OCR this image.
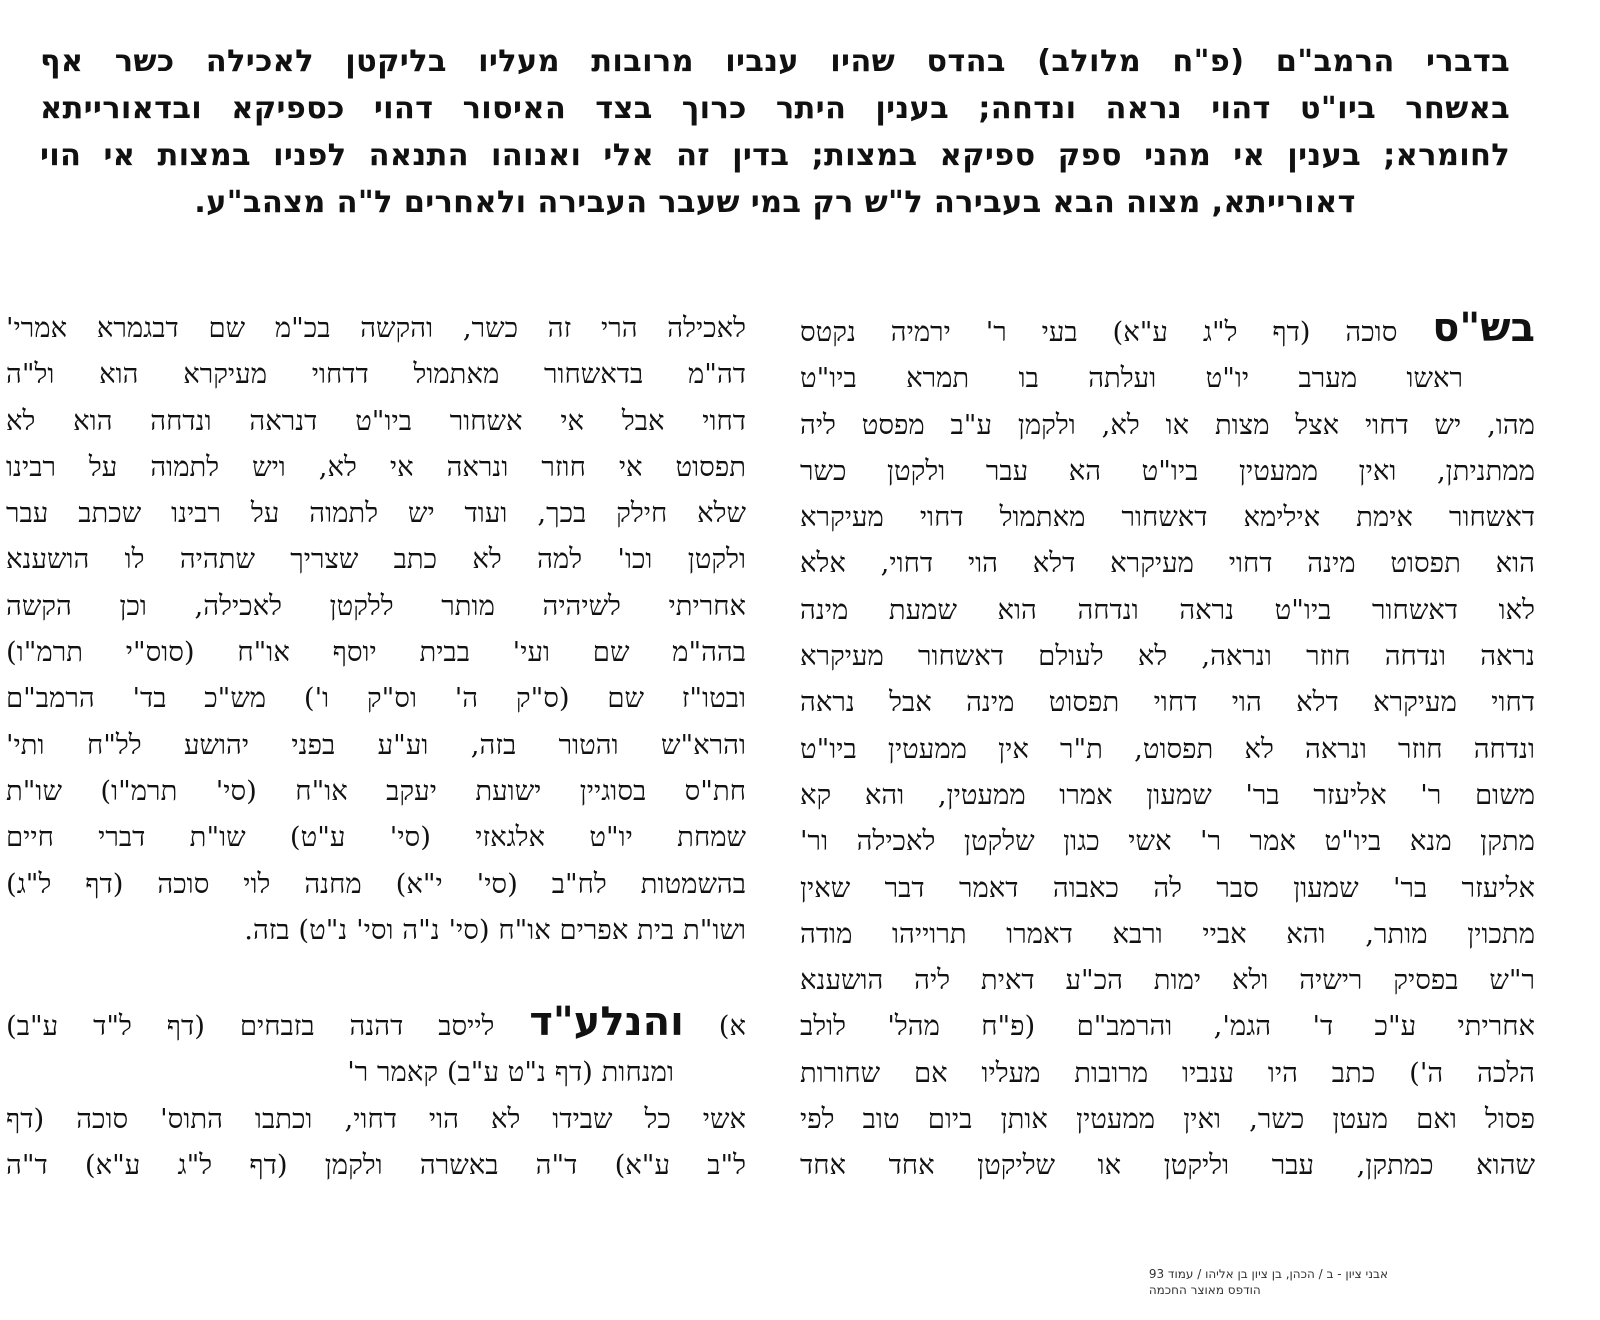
בדברי הרמב"ם (פ"ח מלולב) בהדס שהיו ענביו מרובות מעליו בליקטן לאכילה כשר אף
באשחר ביו"ט דהוי נראה ונדחה; בענין היתר כרוך בצד האיסור דהוי כספיקא ובדאורייתא
לחומרא; בענין אי מהני ספק ספיקא במצות; בדין זה אלי ואנוהו התנאה לפניו במצות אי הוי
דאורייתא, מצוה הבא בעבירה ל"ש רק במי שעבר העבירה ולאחרים ל"ה מצהב"ע.
בש"ס סוכה (דף ל"ג ע"א) בעי ר' ירמיה נקטס
ראשו מערב יו"ט ועלתה בו תמרא ביו"ט
מהו, יש דחוי אצל מצות או לא, ולקמן ע"ב מפסט ליה
ממתניתן, ואין ממעטין ביו"ט הא עבר ולקטן כשר
דאשחור אימת אילימא דאשחור מאתמול דחוי מעיקרא
הוא תפסוט מינה דחוי מעיקרא דלא הוי דחוי, אלא
לאו דאשחור ביו"ט נראה ונדחה הוא שמעת מינה
נראה ונדחה חוזר ונראה, לא לעולם דאשחור מעיקרא
דחוי מעיקרא דלא הוי דחוי תפסוט מינה אבל נראה
ונדחה חוזר ונראה לא תפסוט, ת"ר אין ממעטין ביו"ט
משום ר' אליעזר בר' שמעון אמרו ממעטין, והא קא
מתקן מנא ביו"ט אמר ר' אשי כגון שלקטן לאכילה ור'
אליעזר בר' שמעון סבר לה כאבוה דאמר דבר שאין
מתכוין מותר, והא אביי ורבא דאמרו תרוייהו מודה
ר"ש בפסיק רישיה ולא ימות הכ"ע דאית ליה הושענא
אחריתי ע"כ ד' הגמ', והרמב"ם (פ"ח מהל' לולב
הלכה ה') כתב היו ענביו מרובות מעליו אם שחורות
פסול ואם מעטן כשר, ואין ממעטין אותן ביום טוב לפי
שהוא כמתקן, עבר וליקטן או שליקטן אחד אחד
לאכילה הרי זה כשר, והקשה בכ"מ שם דבגמרא אמרי'
דה"מ בדאשחור מאתמול דדחוי מעיקרא הוא ול"ה
דחוי אבל אי אשחור ביו"ט דנראה ונדחה הוא לא
תפסוט אי חוזר ונראה אי לא, ויש לתמוה על רבינו
שלא חילק בכך, ועוד יש לתמוה על רבינו שכתב עבר
ולקטן וכו' למה לא כתב שצריך שתהיה לו הושענא
אחריתי לשיהיה מותר ללקטן לאכילה, וכן הקשה
בהה"מ שם ועי' בבית יוסף או"ח (סוס"י תרמ"ו)
ובטו"ז שם (ס"ק ה' וס"ק ו') מש"כ בד' הרמב"ם
והרא"ש והטור בזה, וע"ע בפני יהושע לל"ח ותי'
חת"ס בסוגיין ישועת יעקב או"ח (סי' תרמ"ו) שו"ת
שמחת יו"ט אלגאזי (סי' ע"ט) שו"ת דברי חיים
בהשמטות לח"ב (סי' י"א) מחנה לוי סוכה (דף ל"ג)
ושו"ת בית אפרים או"ח (סי' נ"ה וסי' נ"ט) בזה.
א) והנלע"ד לייסב דהנה בזבחים (דף ל"ד ע"ב)
ומנחות (דף נ"ט ע"ב) קאמר ר'
אשי כל שבידו לא הוי דחוי, וכתבו התוס' סוכה (דף
ל"ב ע"א) ד"ה באשרה ולקמן (דף ל"ג ע"א) ד"ה
אבני ציון - ב / הכהן, בן ציון בן אליהו / עמוד 93
הודפס מאוצר החכמה
